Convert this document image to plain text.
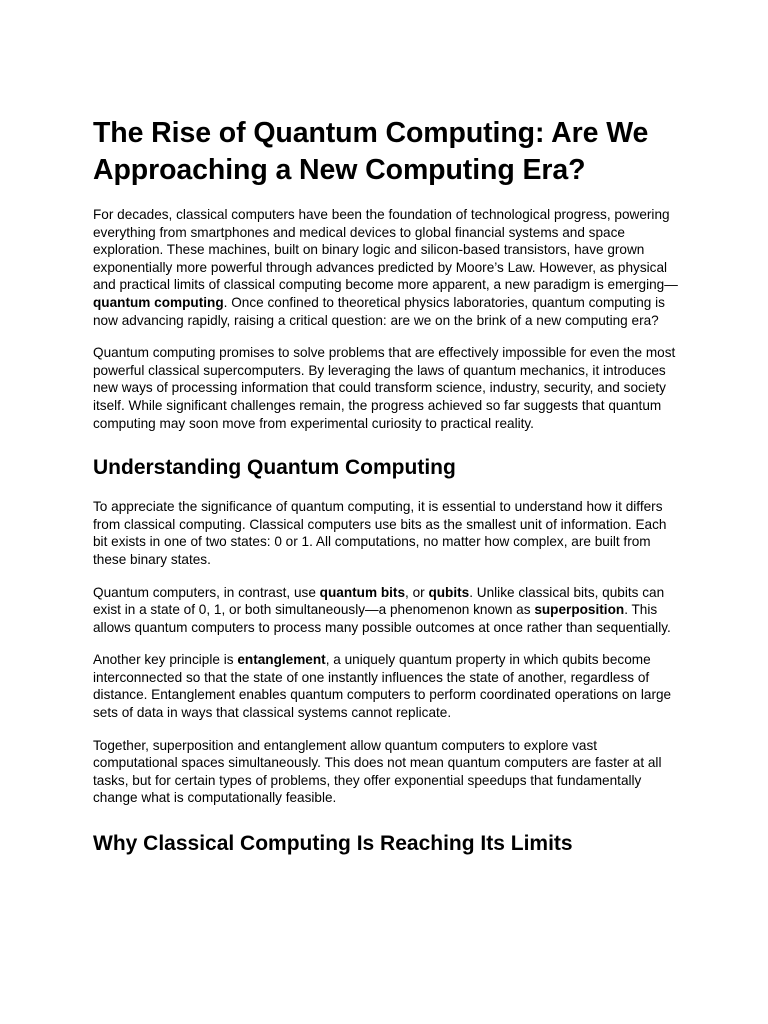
The Rise of Quantum Computing: Are We Approaching a New Computing Era?

For decades, classical computers have been the foundation of technological progress, powering everything from smartphones and medical devices to global financial systems and space exploration. These machines, built on binary logic and silicon-based transistors, have grown exponentially more powerful through advances predicted by Moore’s Law. However, as physical and practical limits of classical computing become more apparent, a new paradigm is emerging—quantum computing. Once confined to theoretical physics laboratories, quantum computing is now advancing rapidly, raising a critical question: are we on the brink of a new computing era?

Quantum computing promises to solve problems that are effectively impossible for even the most powerful classical supercomputers. By leveraging the laws of quantum mechanics, it introduces new ways of processing information that could transform science, industry, security, and society itself. While significant challenges remain, the progress achieved so far suggests that quantum computing may soon move from experimental curiosity to practical reality.

Understanding Quantum Computing

To appreciate the significance of quantum computing, it is essential to understand how it differs from classical computing. Classical computers use bits as the smallest unit of information. Each bit exists in one of two states: 0 or 1. All computations, no matter how complex, are built from these binary states.

Quantum computers, in contrast, use quantum bits, or qubits. Unlike classical bits, qubits can exist in a state of 0, 1, or both simultaneously—a phenomenon known as superposition. This allows quantum computers to process many possible outcomes at once rather than sequentially.

Another key principle is entanglement, a uniquely quantum property in which qubits become interconnected so that the state of one instantly influences the state of another, regardless of distance. Entanglement enables quantum computers to perform coordinated operations on large sets of data in ways that classical systems cannot replicate.

Together, superposition and entanglement allow quantum computers to explore vast computational spaces simultaneously. This does not mean quantum computers are faster at all tasks, but for certain types of problems, they offer exponential speedups that fundamentally change what is computationally feasible.

Why Classical Computing Is Reaching Its Limits
